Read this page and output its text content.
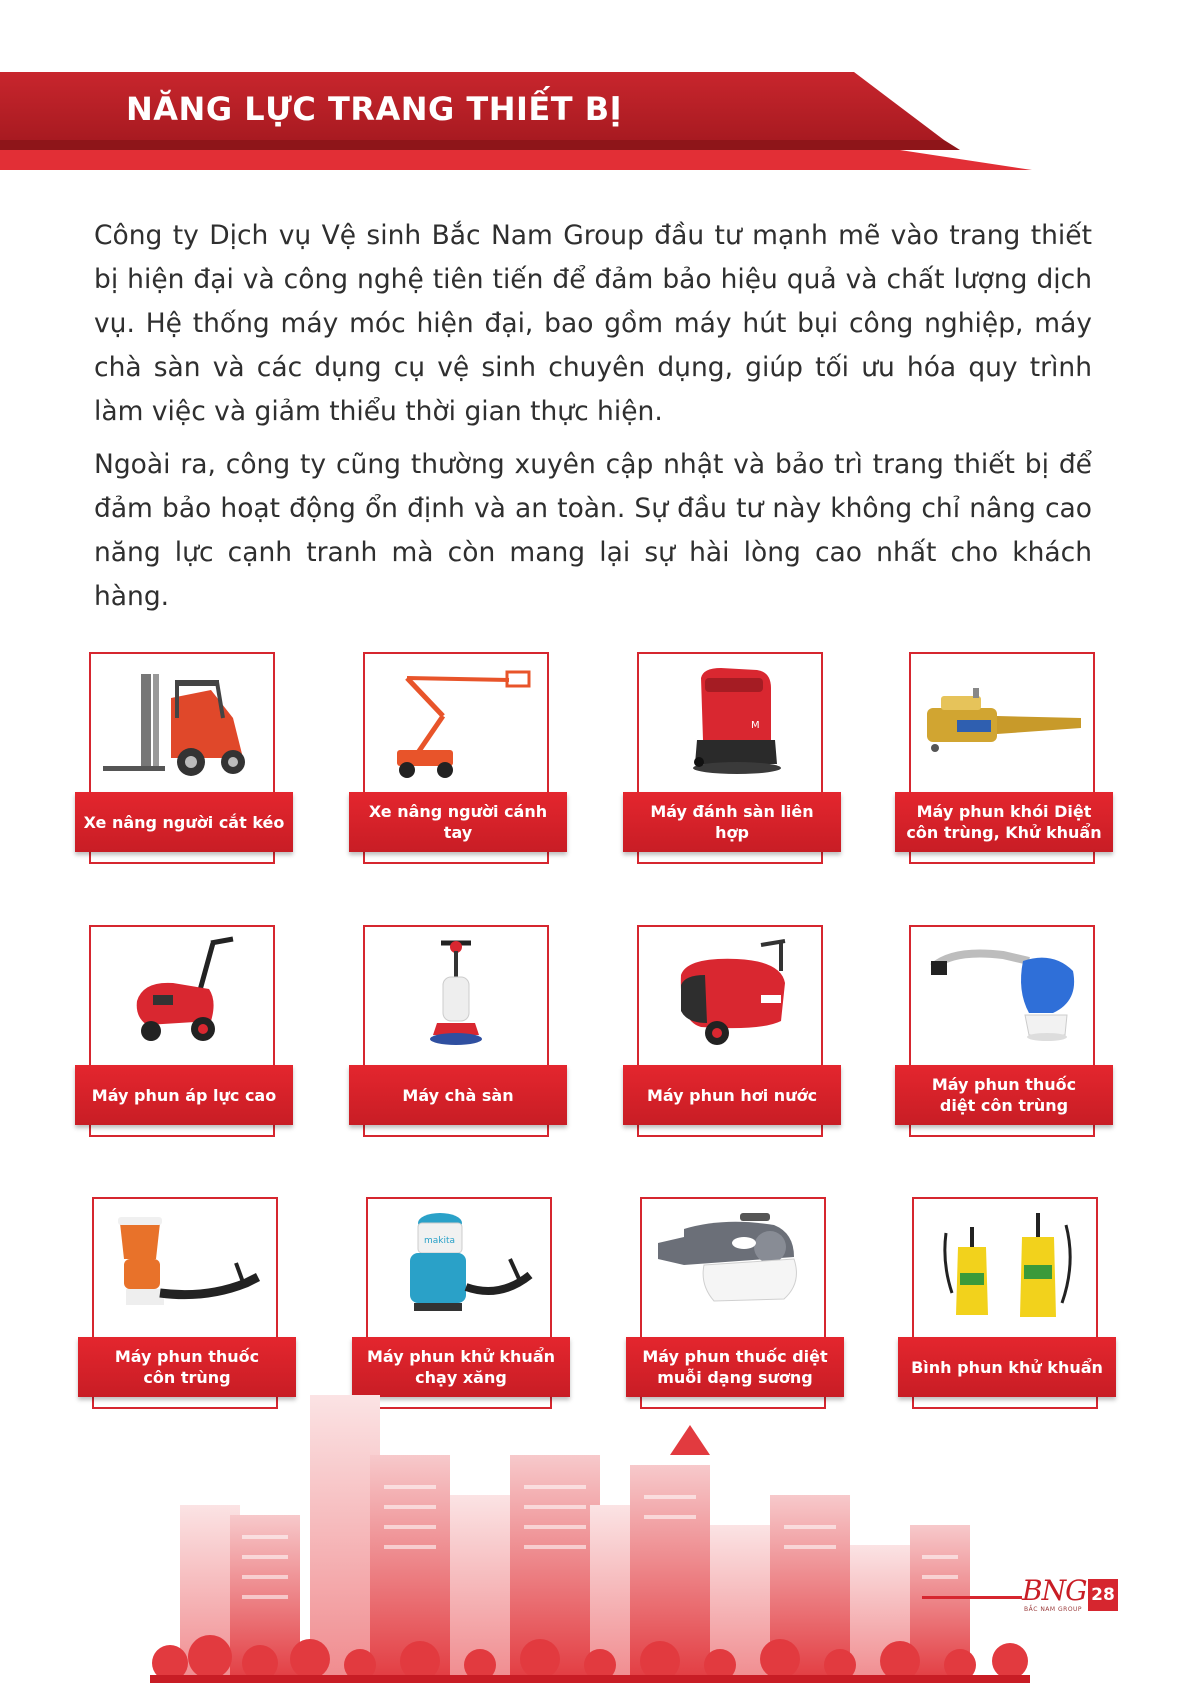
NĂNG LỰC TRANG THIẾT BỊ

Công ty Dịch vụ Vệ sinh Bắc Nam Group đầu tư mạnh mẽ vào trang thiết bị hiện đại và công nghệ tiên tiến để đảm bảo hiệu quả và chất lượng dịch vụ. Hệ thống máy móc hiện đại, bao gồm máy hút bụi công nghiệp, máy chà sàn và các dụng cụ vệ sinh chuyên dụng, giúp tối ưu hóa quy trình làm việc và giảm thiểu thời gian thực hiện.

Ngoài ra, công ty cũng thường xuyên cập nhật và bảo trì trang thiết bị để đảm bảo hoạt động ổn định và an toàn. Sự đầu tư này không chỉ nâng cao năng lực cạnh tranh mà còn mang lại sự hài lòng cao nhất cho khách hàng.

Xe nâng người cắt kéo
Xe nâng người cánh tay
M
Máy đánh sàn liên hợp
Máy phun khói Diệt
côn trùng, Khử khuẩn
Máy phun áp lực cao	Máy chà sàn	Máy phun hơi nước
Máy phun thuốc
diệt côn trùng
Máy phun thuốc
côn trùng
makita
Máy phun khử khuẩn
chạy xăng
Máy phun thuốc diệt
muỗi dạng sương
Bình phun khử khuẩn
BNG
BẮC NAM GROUP
28
